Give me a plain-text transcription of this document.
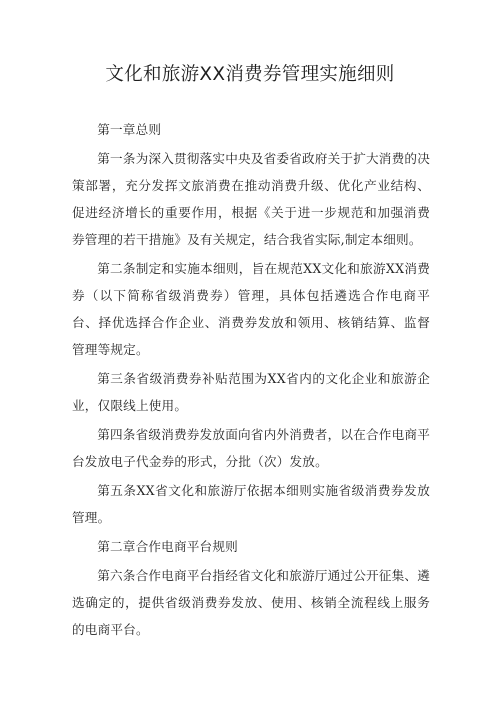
文化和旅游XX消费券管理实施细则

第一章总则

第一条为深入贯彻落实中央及省委省政府关于扩大消费的决策部署，充分发挥文旅消费在推动消费升级、优化产业结构、促进经济增长的重要作用，根据《关于进一步规范和加强消费券管理的若干措施》及有关规定，结合我省实际,制定本细则。

第二条制定和实施本细则，旨在规范XX文化和旅游XX消费券（以下简称省级消费券）管理，具体包括遴选合作电商平台、择优选择合作企业、消费券发放和领用、核销结算、监督管理等规定。

第三条省级消费券补贴范围为XX省内的文化企业和旅游企业，仅限线上使用。

第四条省级消费券发放面向省内外消费者，以在合作电商平台发放电子代金券的形式，分批（次）发放。

第五条XX省文化和旅游厅依据本细则实施省级消费券发放管理。

第二章合作电商平台规则

第六条合作电商平台指经省文化和旅游厅通过公开征集、遴选确定的，提供省级消费券发放、使用、核销全流程线上服务的电商平台。
